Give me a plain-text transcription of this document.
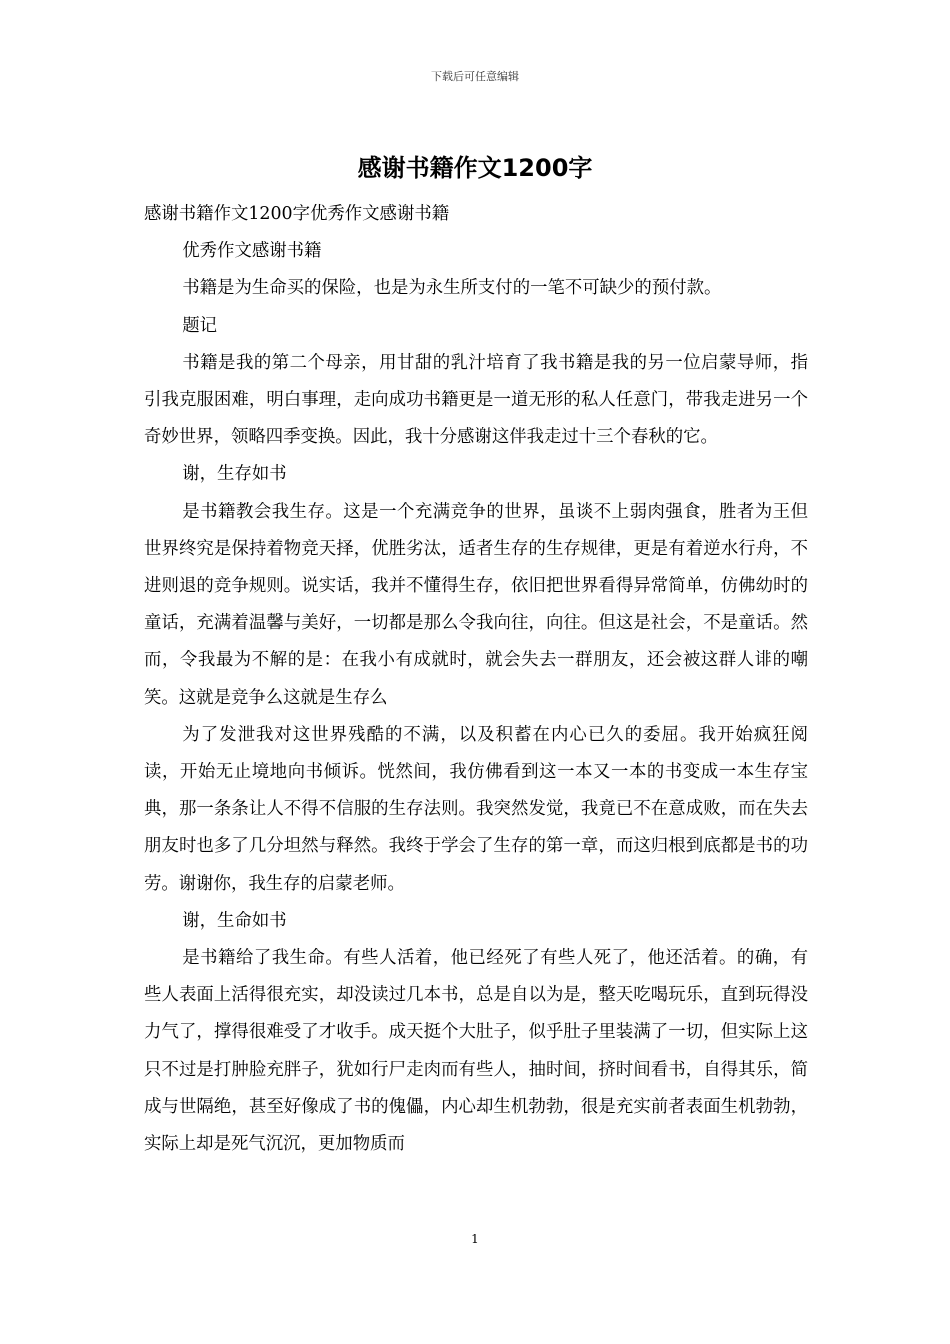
下载后可任意编辑
感谢书籍作文1200字

感谢书籍作文1200字优秀作文感谢书籍

优秀作文感谢书籍

书籍是为生命买的保险，也是为永生所支付的一笔不可缺少的预付款。

题记

书籍是我的第二个母亲，用甘甜的乳汁培育了我书籍是我的另一位启蒙导师，指引我克服困难，明白事理，走向成功书籍更是一道无形的私人任意门，带我走进另一个奇妙世界，领略四季变换。因此，我十分感谢这伴我走过十三个春秋的它。

谢，生存如书

是书籍教会我生存。这是一个充满竞争的世界，虽谈不上弱肉强食，胜者为王但世界终究是保持着物竞天择，优胜劣汰，适者生存的生存规律，更是有着逆水行舟，不进则退的竞争规则。说实话，我并不懂得生存，依旧把世界看得异常简单，仿佛幼时的童话，充满着温馨与美好，一切都是那么令我向往，向往。但这是社会，不是童话。然而，令我最为不解的是：在我小有成就时，就会失去一群朋友，还会被这群人诽的嘲笑。这就是竞争么这就是生存么

为了发泄我对这世界残酷的不满，以及积蓄在内心已久的委屈。我开始疯狂阅读，开始无止境地向书倾诉。恍然间，我仿佛看到这一本又一本的书变成一本生存宝典，那一条条让人不得不信服的生存法则。我突然发觉，我竟已不在意成败，而在失去朋友时也多了几分坦然与释然。我终于学会了生存的第一章，而这归根到底都是书的功劳。谢谢你，我生存的启蒙老师。

谢，生命如书

是书籍给了我生命。有些人活着，他已经死了有些人死了，他还活着。的确，有些人表面上活得很充实，却没读过几本书，总是自以为是，整天吃喝玩乐，直到玩得没力气了，撑得很难受了才收手。成天挺个大肚子，似乎肚子里装满了一切，但实际上这只不过是打肿脸充胖子，犹如行尸走肉而有些人，抽时间，挤时间看书，自得其乐，简成与世隔绝，甚至好像成了书的傀儡，内心却生机勃勃，很是充实前者表面生机勃勃，实际上却是死气沉沉，更加物质而

1
